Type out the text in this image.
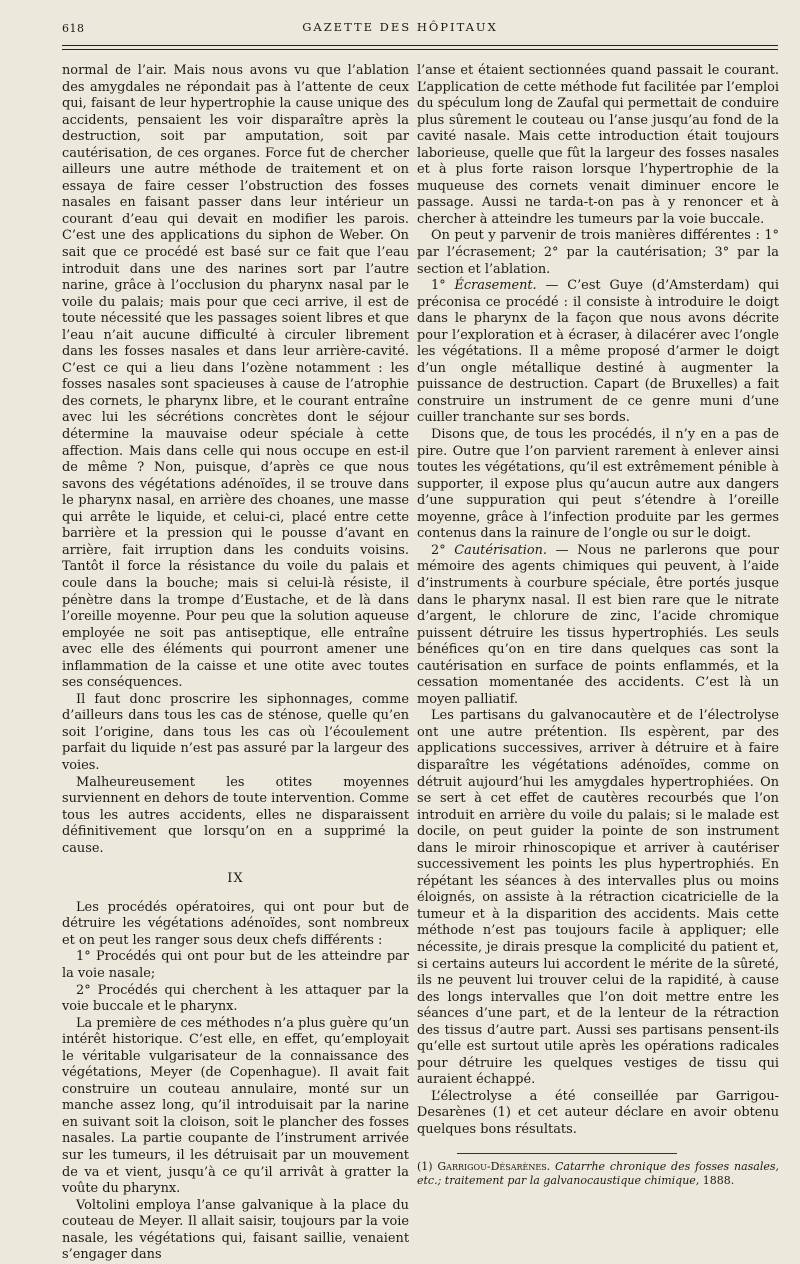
618	GAZETTE DES HÔPITAUX

normal de l’air. Mais nous avons vu que l’ablation des amygdales ne répondait pas à l’attente de ceux qui, faisant de leur hypertrophie la cause unique des accidents, pensaient les voir disparaître après la destruction, soit par amputation, soit par cautérisation, de ces organes. Force fut de chercher ailleurs une autre méthode de traitement et on essaya de faire cesser l’obstruction des fosses nasales en faisant passer dans leur intérieur un courant d’eau qui devait en modifier les parois. C’est une des applications du siphon de Weber. On sait que ce procédé est basé sur ce fait que l’eau introduit dans une des narines sort par l’autre narine, grâce à l’occlusion du pharynx nasal par le voile du palais; mais pour que ceci arrive, il est de toute nécessité que les passages soient libres et que l’eau n’ait aucune difficulté à circuler librement dans les fosses nasales et dans leur arrière-cavité. C’est ce qui a lieu dans l’ozène notamment : les fosses nasales sont spacieuses à cause de l’atrophie des cornets, le pharynx libre, et le courant entraîne avec lui les sécrétions concrètes dont le séjour détermine la mauvaise odeur spéciale à cette affection. Mais dans celle qui nous occupe en est-il de même ? Non, puisque, d’après ce que nous savons des végétations adénoïdes, il se trouve dans le pharynx nasal, en arrière des choanes, une masse qui arrête le liquide, et celui-ci, placé entre cette barrière et la pression qui le pousse d’avant en arrière, fait irruption dans les conduits voisins. Tantôt il force la résistance du voile du palais et coule dans la bouche; mais si celui-là résiste, il pénètre dans la trompe d’Eustache, et de là dans l’oreille moyenne. Pour peu que la solution aqueuse employée ne soit pas antiseptique, elle entraîne avec elle des éléments qui pourront amener une inflammation de la caisse et une otite avec toutes ses conséquences.

Il faut donc proscrire les siphonnages, comme d’ailleurs dans tous les cas de sténose, quelle qu’en soit l’origine, dans tous les cas où l’écoulement parfait du liquide n’est pas assuré par la largeur des voies.

Malheureusement les otites moyennes surviennent en dehors de toute intervention. Comme tous les autres accidents, elles ne disparaissent définitivement que lorsqu’on en a supprimé la cause.

IX

Les procédés opératoires, qui ont pour but de détruire les végétations adénoïdes, sont nombreux et on peut les ranger sous deux chefs différents :

1° Procédés qui ont pour but de les atteindre par la voie nasale;

2° Procédés qui cherchent à les attaquer par la voie buccale et le pharynx.

La première de ces méthodes n’a plus guère qu’un intérêt historique. C’est elle, en effet, qu’employait le véritable vulgarisateur de la connaissance des végétations, Meyer (de Copenhague). Il avait fait construire un couteau annulaire, monté sur un manche assez long, qu’il introduisait par la narine en suivant soit la cloison, soit le plancher des fosses nasales. La partie coupante de l’instrument arrivée sur les tumeurs, il les détruisait par un mouvement de va et vient, jusqu’à ce qu’il arrivât à gratter la voûte du pharynx.

Voltolini employa l’anse galvanique à la place du couteau de Meyer. Il allait saisir, toujours par la voie nasale, les végétations qui, faisant saillie, venaient s’engager dans

l’anse et étaient sectionnées quand passait le courant. L’application de cette méthode fut facilitée par l’emploi du spéculum long de Zaufal qui permettait de conduire plus sûrement le couteau ou l’anse jusqu’au fond de la cavité nasale. Mais cette introduction était toujours laborieuse, quelle que fût la largeur des fosses nasales et à plus forte raison lorsque l’hypertrophie de la muqueuse des cornets venait diminuer encore le passage. Aussi ne tarda-t-on pas à y renoncer et à chercher à atteindre les tumeurs par la voie buccale.

On peut y parvenir de trois manières différentes : 1° par l’écrasement; 2° par la cautérisation; 3° par la section et l’ablation.

1° Écrasement. — C’est Guye (d’Amsterdam) qui préconisa ce procédé : il consiste à introduire le doigt dans le pharynx de la façon que nous avons décrite pour l’exploration et à écraser, à dilacérer avec l’ongle les végétations. Il a même proposé d’armer le doigt d’un ongle métallique destiné à augmenter la puissance de destruction. Capart (de Bruxelles) a fait construire un instrument de ce genre muni d’une cuiller tranchante sur ses bords.

Disons que, de tous les procédés, il n’y en a pas de pire. Outre que l’on parvient rarement à enlever ainsi toutes les végétations, qu’il est extrêmement pénible à supporter, il expose plus qu’aucun autre aux dangers d’une suppuration qui peut s’étendre à l’oreille moyenne, grâce à l’infection produite par les germes contenus dans la rainure de l’ongle ou sur le doigt.

2° Cautérisation. — Nous ne parlerons que pour mémoire des agents chimiques qui peuvent, à l’aide d’instruments à courbure spéciale, être portés jusque dans le pharynx nasal. Il est bien rare que le nitrate d’argent, le chlorure de zinc, l’acide chromique puissent détruire les tissus hypertrophiés. Les seuls bénéfices qu’on en tire dans quelques cas sont la cautérisation en surface de points enflammés, et la cessation momentanée des accidents. C’est là un moyen palliatif.

Les partisans du galvanocautère et de l’électrolyse ont une autre prétention. Ils espèrent, par des applications successives, arriver à détruire et à faire disparaître les végétations adénoïdes, comme on détruit aujourd’hui les amygdales hypertrophiées. On se sert à cet effet de cautères recourbés que l’on introduit en arrière du voile du palais; si le malade est docile, on peut guider la pointe de son instrument dans le miroir rhinoscopique et arriver à cautériser successivement les points les plus hypertrophiés. En répétant les séances à des intervalles plus ou moins éloignés, on assiste à la rétraction cicatricielle de la tumeur et à la disparition des accidents. Mais cette méthode n’est pas toujours facile à appliquer; elle nécessite, je dirais presque la complicité du patient et, si certains auteurs lui accordent le mérite de la sûreté, ils ne peuvent lui trouver celui de la rapidité, à cause des longs intervalles que l’on doit mettre entre les séances d’une part, et de la lenteur de la rétraction des tissus d’autre part. Aussi ses partisans pensent-ils qu’elle est surtout utile après les opérations radicales pour détruire les quelques vestiges de tissu qui auraient échappé.

L’électrolyse a été conseillée par Garrigou-Desarènes (1) et cet auteur déclare en avoir obtenu quelques bons résultats.

(1) Garrigou-Désarènes. Catarrhe chronique des fosses nasales, etc.; traitement par la galvanocaustique chimique, 1888.
